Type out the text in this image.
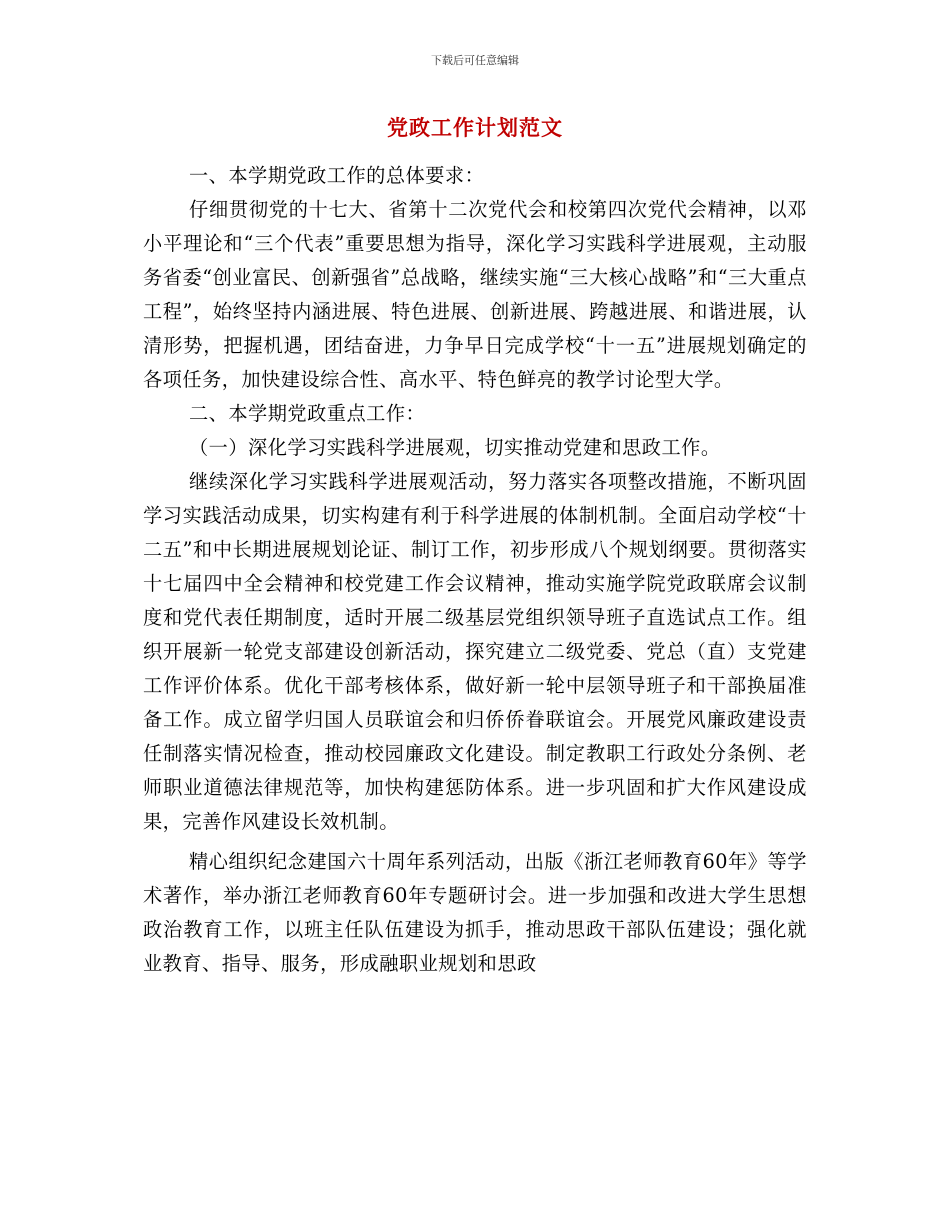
下载后可任意编辑
党政工作计划范文

一、本学期党政工作的总体要求：

仔细贯彻党的十七大、省第十二次党代会和校第四次党代会精神，以邓小平理论和“三个代表”重要思想为指导，深化学习实践科学进展观，主动服务省委“创业富民、创新强省”总战略，继续实施“三大核心战略”和“三大重点工程”，始终坚持内涵进展、特色进展、创新进展、跨越进展、和谐进展，认清形势，把握机遇，团结奋进，力争早日完成学校“十一五”进展规划确定的各项任务，加快建设综合性、高水平、特色鲜亮的教学讨论型大学。

二、本学期党政重点工作：

（一）深化学习实践科学进展观，切实推动党建和思政工作。

继续深化学习实践科学进展观活动，努力落实各项整改措施，不断巩固学习实践活动成果，切实构建有利于科学进展的体制机制。全面启动学校“十二五”和中长期进展规划论证、制订工作，初步形成八个规划纲要。贯彻落实十七届四中全会精神和校党建工作会议精神，推动实施学院党政联席会议制度和党代表任期制度，适时开展二级基层党组织领导班子直选试点工作。组织开展新一轮党支部建设创新活动，探究建立二级党委、党总（直）支党建工作评价体系。优化干部考核体系，做好新一轮中层领导班子和干部换届准备工作。成立留学归国人员联谊会和归侨侨眷联谊会。开展党风廉政建设责任制落实情况检查，推动校园廉政文化建设。制定教职工行政处分条例、老师职业道德法律规范等，加快构建惩防体系。进一步巩固和扩大作风建设成果，完善作风建设长效机制。

精心组织纪念建国六十周年系列活动，出版《浙江老师教育60年》等学术著作，举办浙江老师教育60年专题研讨会。进一步加强和改进大学生思想政治教育工作，以班主任队伍建设为抓手，推动思政干部队伍建设；强化就业教育、指导、服务，形成融职业规划和思政
